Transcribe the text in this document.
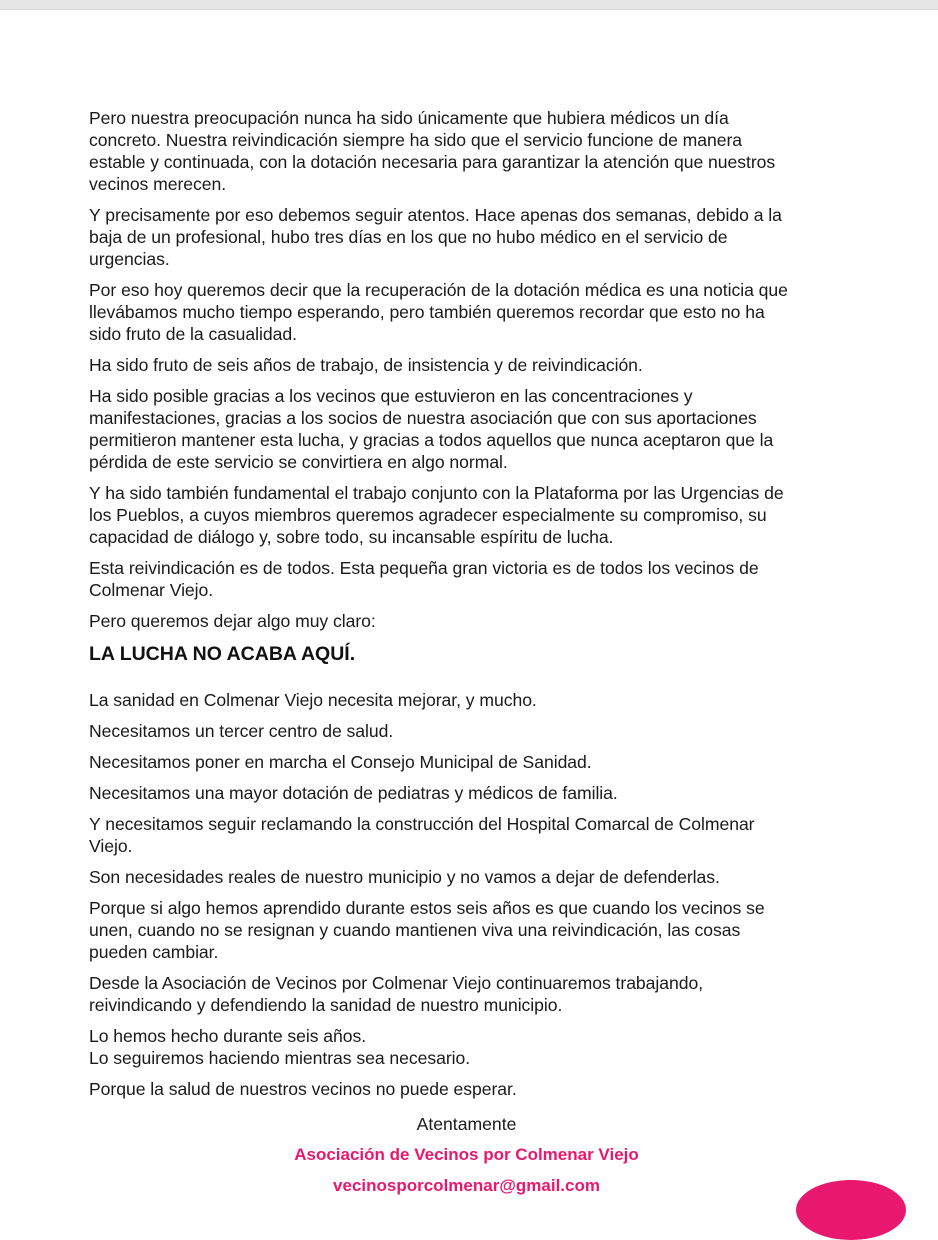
Pero nuestra preocupación nunca ha sido únicamente que hubiera médicos un día
concreto. Nuestra reivindicación siempre ha sido que el servicio funcione de manera
estable y continuada, con la dotación necesaria para garantizar la atención que nuestros
vecinos merecen.

Y precisamente por eso debemos seguir atentos. Hace apenas dos semanas, debido a la
baja de un profesional, hubo tres días en los que no hubo médico en el servicio de
urgencias.

Por eso hoy queremos decir que la recuperación de la dotación médica es una noticia que
llevábamos mucho tiempo esperando, pero también queremos recordar que esto no ha
sido fruto de la casualidad.

Ha sido fruto de seis años de trabajo, de insistencia y de reivindicación.

Ha sido posible gracias a los vecinos que estuvieron en las concentraciones y
manifestaciones, gracias a los socios de nuestra asociación que con sus aportaciones
permitieron mantener esta lucha, y gracias a todos aquellos que nunca aceptaron que la
pérdida de este servicio se convirtiera en algo normal.

Y ha sido también fundamental el trabajo conjunto con la Plataforma por las Urgencias de
los Pueblos, a cuyos miembros queremos agradecer especialmente su compromiso, su
capacidad de diálogo y, sobre todo, su incansable espíritu de lucha.

Esta reivindicación es de todos. Esta pequeña gran victoria es de todos los vecinos de
Colmenar Viejo.

Pero queremos dejar algo muy claro:

LA LUCHA NO ACABA AQUÍ.

La sanidad en Colmenar Viejo necesita mejorar, y mucho.

Necesitamos un tercer centro de salud.

Necesitamos poner en marcha el Consejo Municipal de Sanidad.

Necesitamos una mayor dotación de pediatras y médicos de familia.

Y necesitamos seguir reclamando la construcción del Hospital Comarcal de Colmenar
Viejo.

Son necesidades reales de nuestro municipio y no vamos a dejar de defenderlas.

Porque si algo hemos aprendido durante estos seis años es que cuando los vecinos se
unen, cuando no se resignan y cuando mantienen viva una reivindicación, las cosas
pueden cambiar.

Desde la Asociación de Vecinos por Colmenar Viejo continuaremos trabajando,
reivindicando y defendiendo la sanidad de nuestro municipio.

Lo hemos hecho durante seis años.
Lo seguiremos haciendo mientras sea necesario.

Porque la salud de nuestros vecinos no puede esperar.

Atentamente

Asociación de Vecinos por Colmenar Viejo

vecinosporcolmenar@gmail.com
